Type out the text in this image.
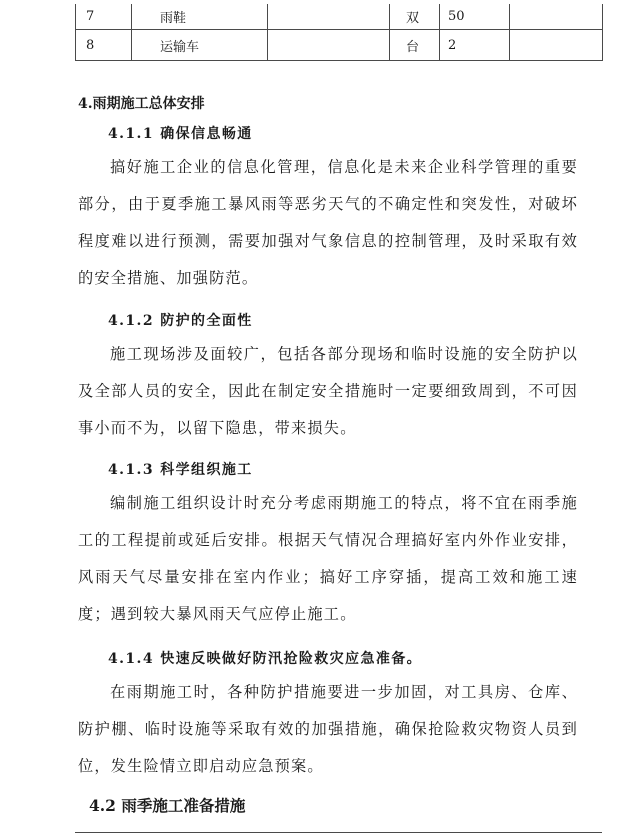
7	雨鞋		双	50	
8	运输车		台	2	
4.雨期施工总体安排
4.1.1 确保信息畅通

搞好施工企业的信息化管理，信息化是未来企业科学管理的重要部分，由于夏季施工暴风雨等恶劣天气的不确定性和突发性，对破坏程度难以进行预测，需要加强对气象信息的控制管理，及时采取有效的安全措施、加强防范。

4.1.2 防护的全面性

施工现场涉及面较广，包括各部分现场和临时设施的安全防护以及全部人员的安全，因此在制定安全措施时一定要细致周到，不可因事小而不为，以留下隐患，带来损失。

4.1.3 科学组织施工

编制施工组织设计时充分考虑雨期施工的特点，将不宜在雨季施工的工程提前或延后安排。根据天气情况合理搞好室内外作业安排，风雨天气尽量安排在室内作业；搞好工序穿插，提高工效和施工速度；遇到较大暴风雨天气应停止施工。

4.1.4 快速反映做好防汛抢险救灾应急准备。

在雨期施工时，各种防护措施要进一步加固，对工具房、仓库、防护棚、临时设施等采取有效的加强措施，确保抢险救灾物资人员到位，发生险情立即启动应急预案。

4.2 雨季施工准备措施
